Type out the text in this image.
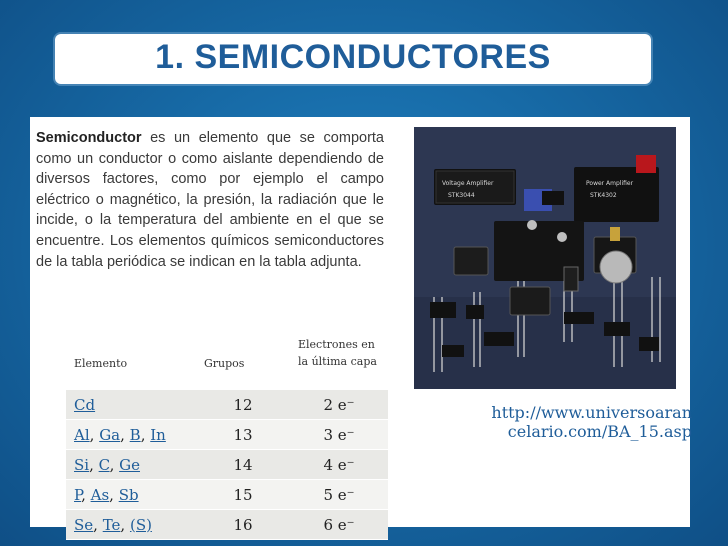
1. SEMICONDUCTORES

Semiconductor es un elemento que se comporta como un conductor o como aislante dependiendo de diversos factores, como por ejemplo el campo eléctrico o magnético, la presión, la radiación que le incide, o la temperatura del ambiente en el que se encuentre. Los elementos químicos semiconductores de la tabla periódica se indican en la tabla adjunta.

Voltage Amplifier
STK3044
Power Amplifier
STK4302
Elemento	Grupos	Electrones en la última capa
Cd	12	2 e⁻
Al, Ga, B, In	13	3 e⁻
Si, C, Ge	14	4 e⁻
P, As, Sb	15	5 e⁻
Se, Te, (S)	16	6 e⁻
http://www.universoaran
celario.com/BA_15.asp
